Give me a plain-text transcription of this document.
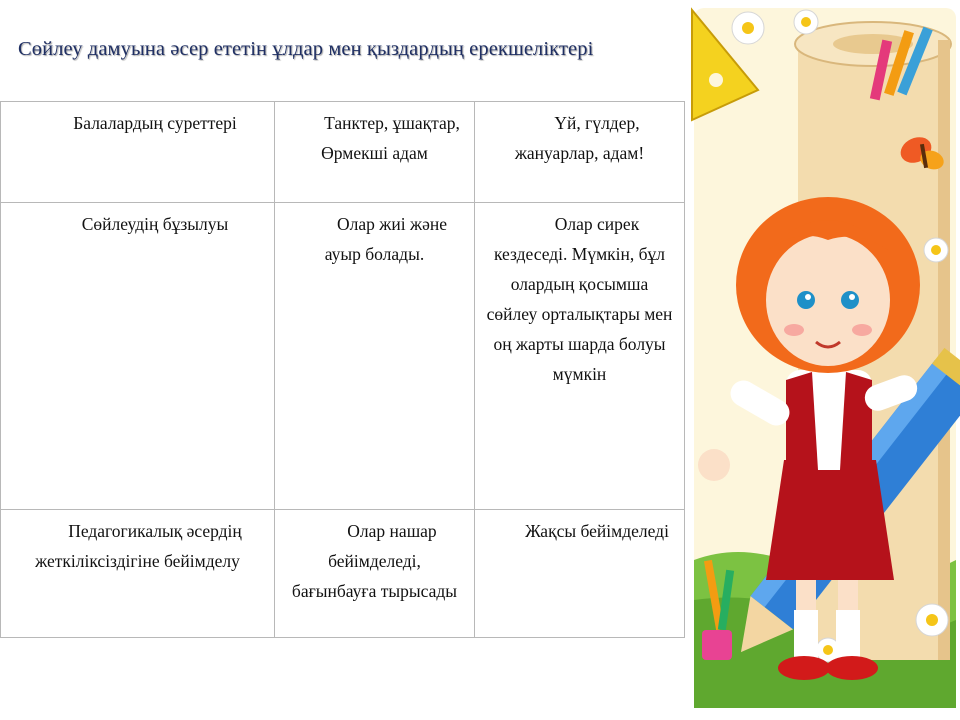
Сөйлеу дамуына әсер ететін ұлдар мен қыздардың ерекшеліктері
Балалардың суреттері	Танктер, ұшақтар, Өрмекші адам	Үй, гүлдер, жануарлар, адам!

Сөйлеудің бұзылуы	Олар жиі және ауыр болады.	Олар сирек кездеседі. Мүмкін, бұл олардың қосымша сөйлеу орталықтары мен оң жарты шарда болуы мүмкін

Педагогикалық әсердің жеткіліксіздігіне бейімделу	Олар нашар бейімделеді, бағынбауға тырысады	Жақсы бейімделеді
